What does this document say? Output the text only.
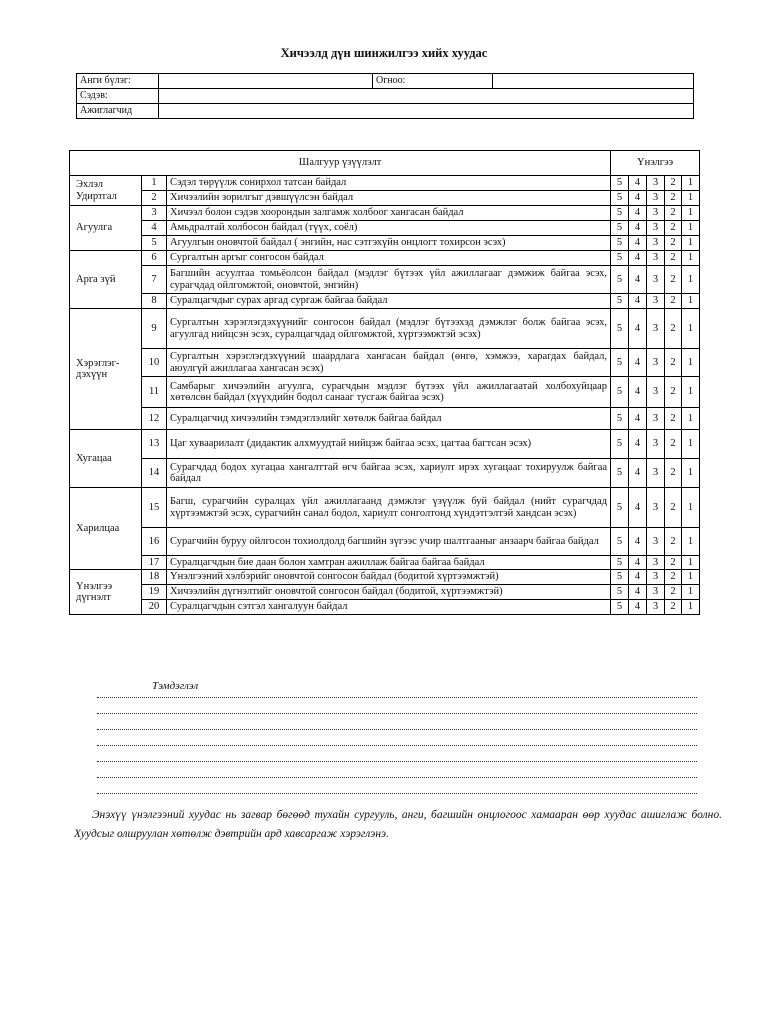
Хичээлд дүн шинжилгээ хийх хуудас
Анги бүлэг:		Огноо:	
Сэдэв:			
Ажиглагчид			
Шалгуур үзүүлэлт			Үнэлгээ				
Эхлэл Удиртгал	1	Сэдэл төрүүлж сонирхол татсан байдал	5	4	3	2	1
	2	Хичээлийн зорилгыг дэвшүүлсэн байдал	5	4	3	2	1
Агуулга	3	Хичээл болон сэдэв хоорондын залгамж холбоог хангасан байдал	5	4	3	2	1
	4	Амьдралтай холбосон байдал (түүх, соёл)	5	4	3	2	1
	5	Агуулгын оновчтой байдал ( энгийн, нас сэтгэхүйн онцлогт тохирсон эсэх)	5	4	3	2	1
Арга зүй	6	Сургалтын аргыг сонгосон байдал	5	4	3	2	1
	7	Багшийн асуултаа томьёолсон байдал (мэдлэг бүтээх үйл ажиллагааг дэмжиж байгаа эсэх, сурагчдад ойлгомжтой, оновчтой, энгийн)	5	4	3	2	1
	8	Суралцагчдыг сурах аргад сургаж байгаа байдал	5	4	3	2	1
Хэрэглэг-дэхүүн	9	Сургалтын хэрэглэгдэхүүнийг сонгосон байдал (мэдлэг бүтээхэд дэмжлэг болж байгаа эсэх, агуулгад нийцсэн эсэх, суралцагчдад ойлгомжтой, хүртээмжтэй эсэх)	5	4	3	2	1
	10	Сургалтын хэрэглэгдэхүүний шаардлага хангасан байдал (өнгө, хэмжээ, харагдах байдал, аюулгүй ажиллагаа хангасан эсэх)	5	4	3	2	1
	11	Самбарыг хичээлийн агуулга, сурагчдын мэдлэг бүтээх үйл ажиллагаатай холбохуйцаар хөтөлсөн байдал (хүүхдийн бодол санааг тусгаж байгаа эсэх)	5	4	3	2	1
	12	Суралцагчид хичээлийн тэмдэглэлийг хөтөлж байгаа байдал	5	4	3	2	1
Хугацаа	13	Цаг хуваарилалт (дидактик алхмуудтай нийцэж байгаа эсэх, цагтаа багтсан эсэх)	5	4	3	2	1
	14	Сурагчдад бодох хугацаа хангалттай өгч байгаа эсэх, хариулт ирэх хугацааг тохируулж байгаа байдал	5	4	3	2	1
Харилцаа	15	Багш, сурагчийн суралцах үйл ажиллагаанд дэмжлэг үзүүлж буй байдал (нийт сурагчдад хүртээмжтэй эсэх, сурагчийн санал бодол, хариулт сонголтонд хүндэтгэлтэй хандсан эсэх)	5	4	3	2	1
	16	Сурагчийн буруу ойлгосон тохиолдолд багшийн зүгээс учир шалтгааныг анзаарч байгаа байдал	5	4	3	2	1
	17	Суралцагчдын бие даан болон хамтран ажиллаж байгаа байгаа байдал	5	4	3	2	1
Үнэлгээ дүгнэлт	18	Үнэлгээний хэлбэрийг оновчтой сонгосон байдал (бодитой хүртээмжтэй)	5	4	3	2	1
	19	Хичээлийн дүгнэлтийг оновчтой сонгосон байдал (бодитой, хүртээмжтэй)	5	4	3	2	1
	20	Суралцагчдын сэтгэл хангалуун байдал	5	4	3	2	1
Тэмдэглэл
Энэхүү үнэлгээний хуудас нь загвар бөгөөд тухайн сургууль, анги, багшийн онцлогоос хамааран өөр хуудас ашиглаж болно. Хуудсыг олшруулан хөтөлж дэвтрийн ард хавсаргаж хэрэглэнэ.
